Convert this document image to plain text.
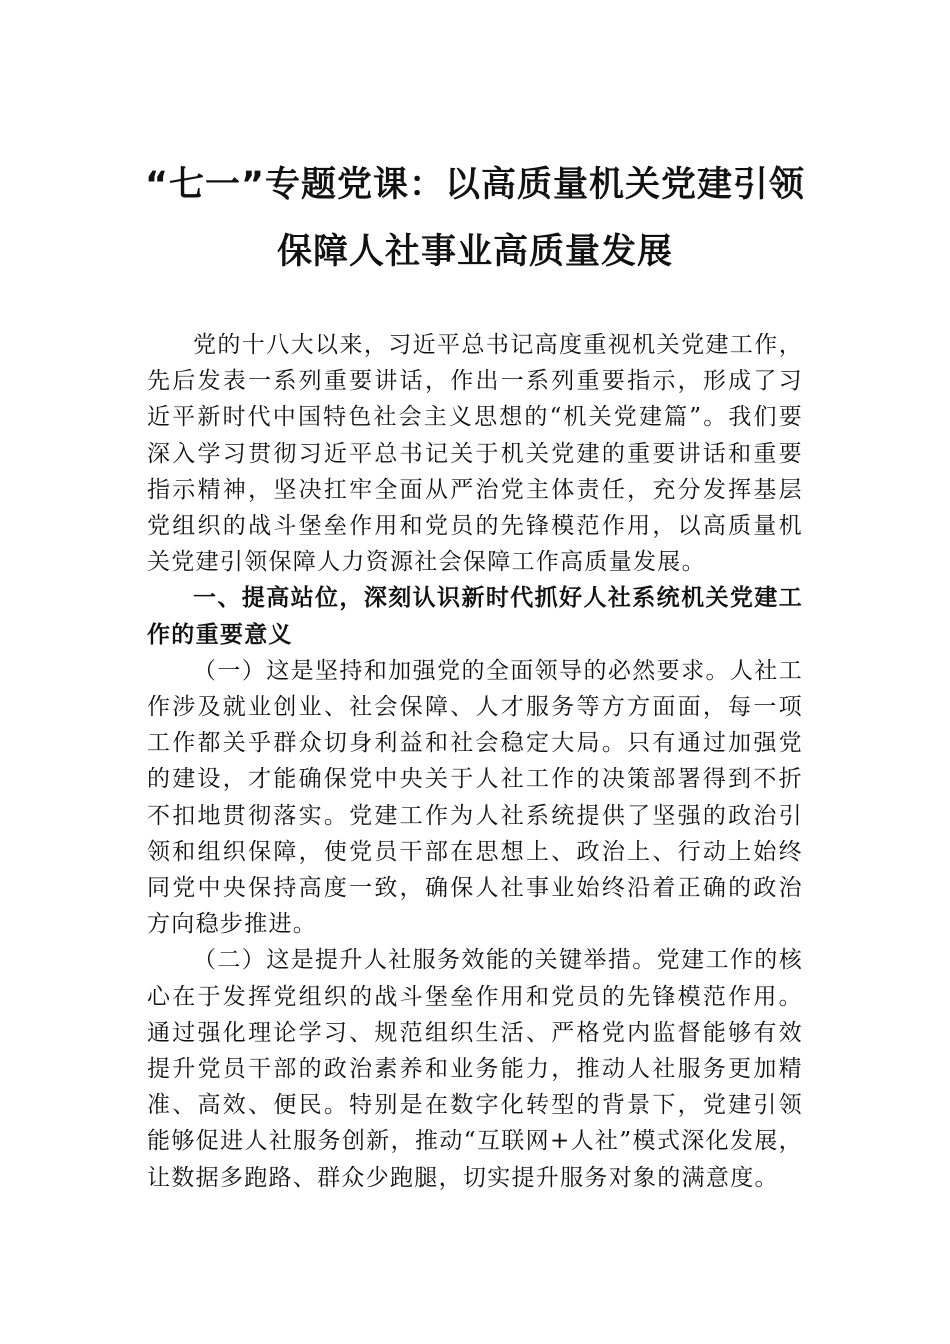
“七一”专题党课：以高质量机关党建引领
保障人社事业高质量发展

党的十八大以来，习近平总书记高度重视机关党建工作，先后发表一系列重要讲话，作出一系列重要指示，形成了习近平新时代中国特色社会主义思想的“机关党建篇”。我们要深入学习贯彻习近平总书记关于机关党建的重要讲话和重要指示精神，坚决扛牢全面从严治党主体责任，充分发挥基层党组织的战斗堡垒作用和党员的先锋模范作用，以高质量机关党建引领保障人力资源社会保障工作高质量发展。

一、提高站位，深刻认识新时代抓好人社系统机关党建工作的重要意义

（一）这是坚持和加强党的全面领导的必然要求。人社工作涉及就业创业、社会保障、人才服务等方方面面，每一项工作都关乎群众切身利益和社会稳定大局。只有通过加强党的建设，才能确保党中央关于人社工作的决策部署得到不折不扣地贯彻落实。党建工作为人社系统提供了坚强的政治引领和组织保障，使党员干部在思想上、政治上、行动上始终同党中央保持高度一致，确保人社事业始终沿着正确的政治方向稳步推进。

（二）这是提升人社服务效能的关键举措。党建工作的核心在于发挥党组织的战斗堡垒作用和党员的先锋模范作用。通过强化理论学习、规范组织生活、严格党内监督能够有效提升党员干部的政治素养和业务能力，推动人社服务更加精准、高效、便民。特别是在数字化转型的背景下，党建引领能够促进人社服务创新，推动“互联网+人社”模式深化发展，让数据多跑路、群众少跑腿，切实提升服务对象的满意度。
